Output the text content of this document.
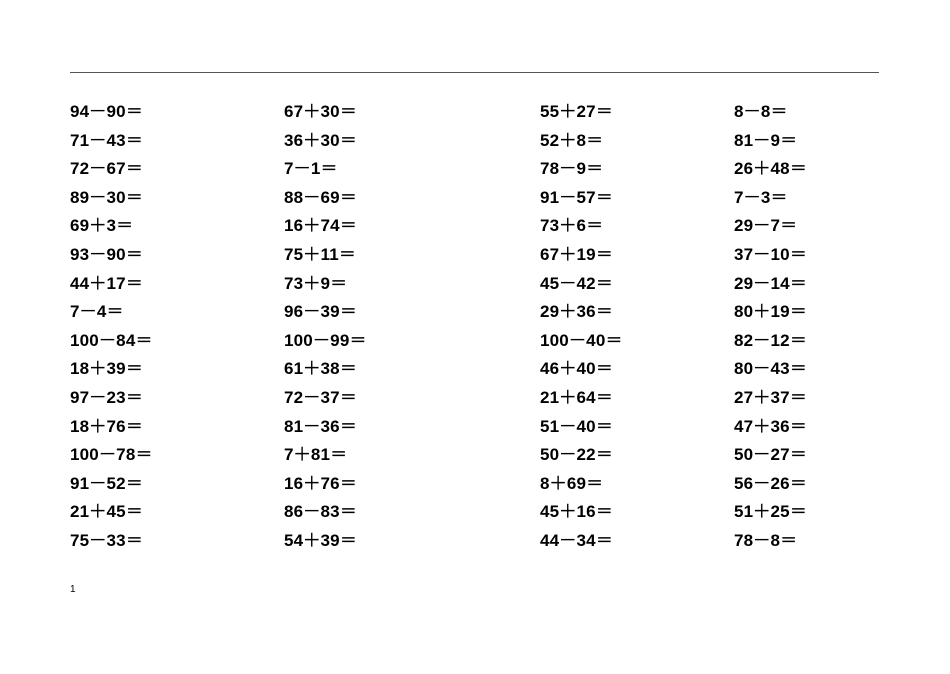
94－90＝
71－43＝
72－67＝
89－30＝
69＋3＝
93－90＝
44＋17＝
7－4＝
100－84＝
18＋39＝
97－23＝
18＋76＝
100－78＝
91－52＝
21＋45＝
75－33＝
67＋30＝
36＋30＝
7－1＝
88－69＝
16＋74＝
75＋11＝
73＋9＝
96－39＝
100－99＝
61＋38＝
72－37＝
81－36＝
7＋81＝
16＋76＝
86－83＝
54＋39＝
55＋27＝
52＋8＝
78－9＝
91－57＝
73＋6＝
67＋19＝
45－42＝
29＋36＝
100－40＝
46＋40＝
21＋64＝
51－40＝
50－22＝
8＋69＝
45＋16＝
44－34＝
8－8＝
81－9＝
26＋48＝
7－3＝
29－7＝
37－10＝
29－14＝
80＋19＝
82－12＝
80－43＝
27＋37＝
47＋36＝
50－27＝
56－26＝
51＋25＝
78－8＝
1
